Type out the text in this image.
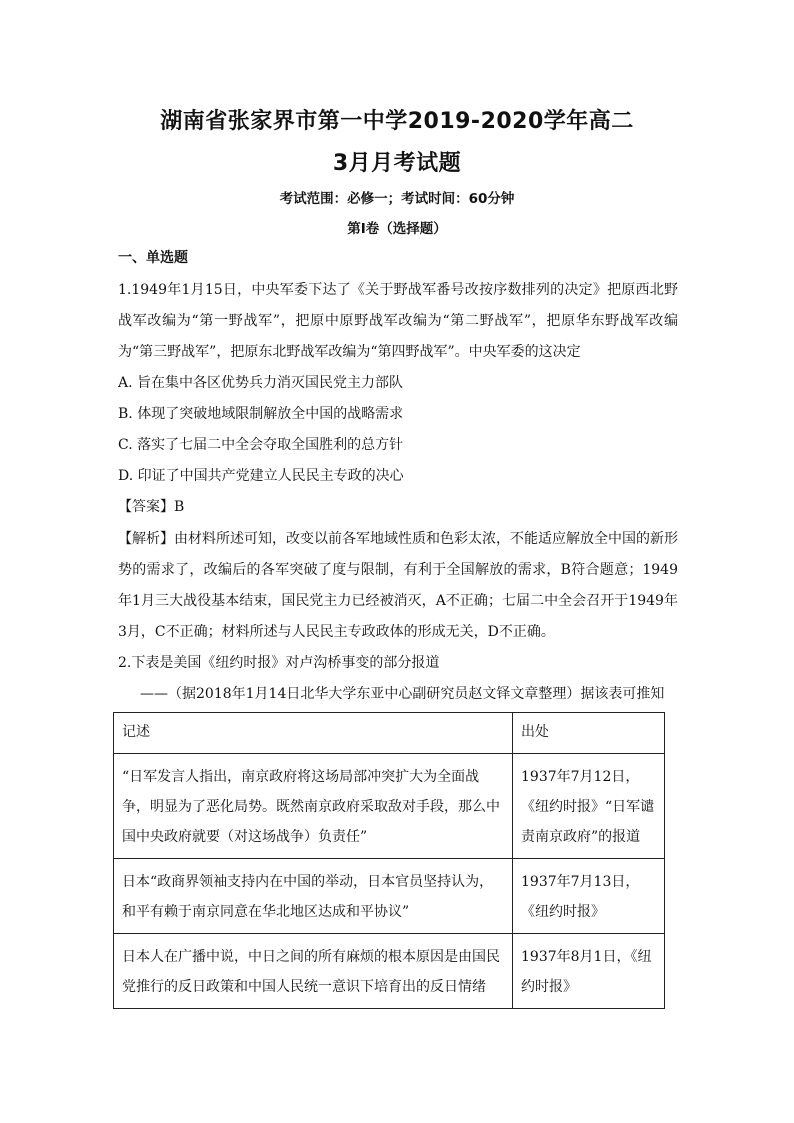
湖南省张家界市第一中学2019-2020学年高二
3月月考试题
考试范围：必修一；考试时间：60分钟
第I卷（选择题）
一、单选题
1.1949年1月15日，中央军委下达了《关于野战军番号改按序数排列的决定》把原西北野战军改编为“第一野战军”，把原中原野战军改编为“第二野战军”，把原华东野战军改编为“第三野战军”，把原东北野战军改编为“第四野战军”。中央军委的这决定
A. 旨在集中各区优势兵力消灭国民党主力部队
B. 体现了突破地域限制解放全中国的战略需求
C. 落实了七届二中全会夺取全国胜利的总方针
D. 印证了中国共产党建立人民民主专政的决心
【答案】B
【解析】由材料所述可知，改变以前各军地域性质和色彩太浓，不能适应解放全中国的新形势的需求了，改编后的各军突破了度与限制，有利于全国解放的需求，B符合题意；1949年1月三大战役基本结束，国民党主力已经被消灭，A不正确；七届二中全会召开于1949年3月，C不正确；材料所述与人民民主专政政体的形成无关，D不正确。
2.下表是美国《纽约时报》对卢沟桥事变的部分报道
——（据2018年1月14日北华大学东亚中心副研究员赵文铎文章整理）据该表可推知
记述	出处
“日军发言人指出，南京政府将这场局部冲突扩大为全面战争，明显为了恶化局势。既然南京政府采取敌对手段，那么中国中央政府就要（对这场战争）负责任”	1937年7月12日，《纽约时报》“日军谴责南京政府”的报道
日本“政商界领袖支持内在中国的举动，日本官员坚持认为，和平有赖于南京同意在华北地区达成和平协议”	1937年7月13日，《纽约时报》
日本人在广播中说，中日之间的所有麻烦的根本原因是由国民党推行的反日政策和中国人民统一意识下培育出的反日情绪	1937年8月1日，《纽约时报》
